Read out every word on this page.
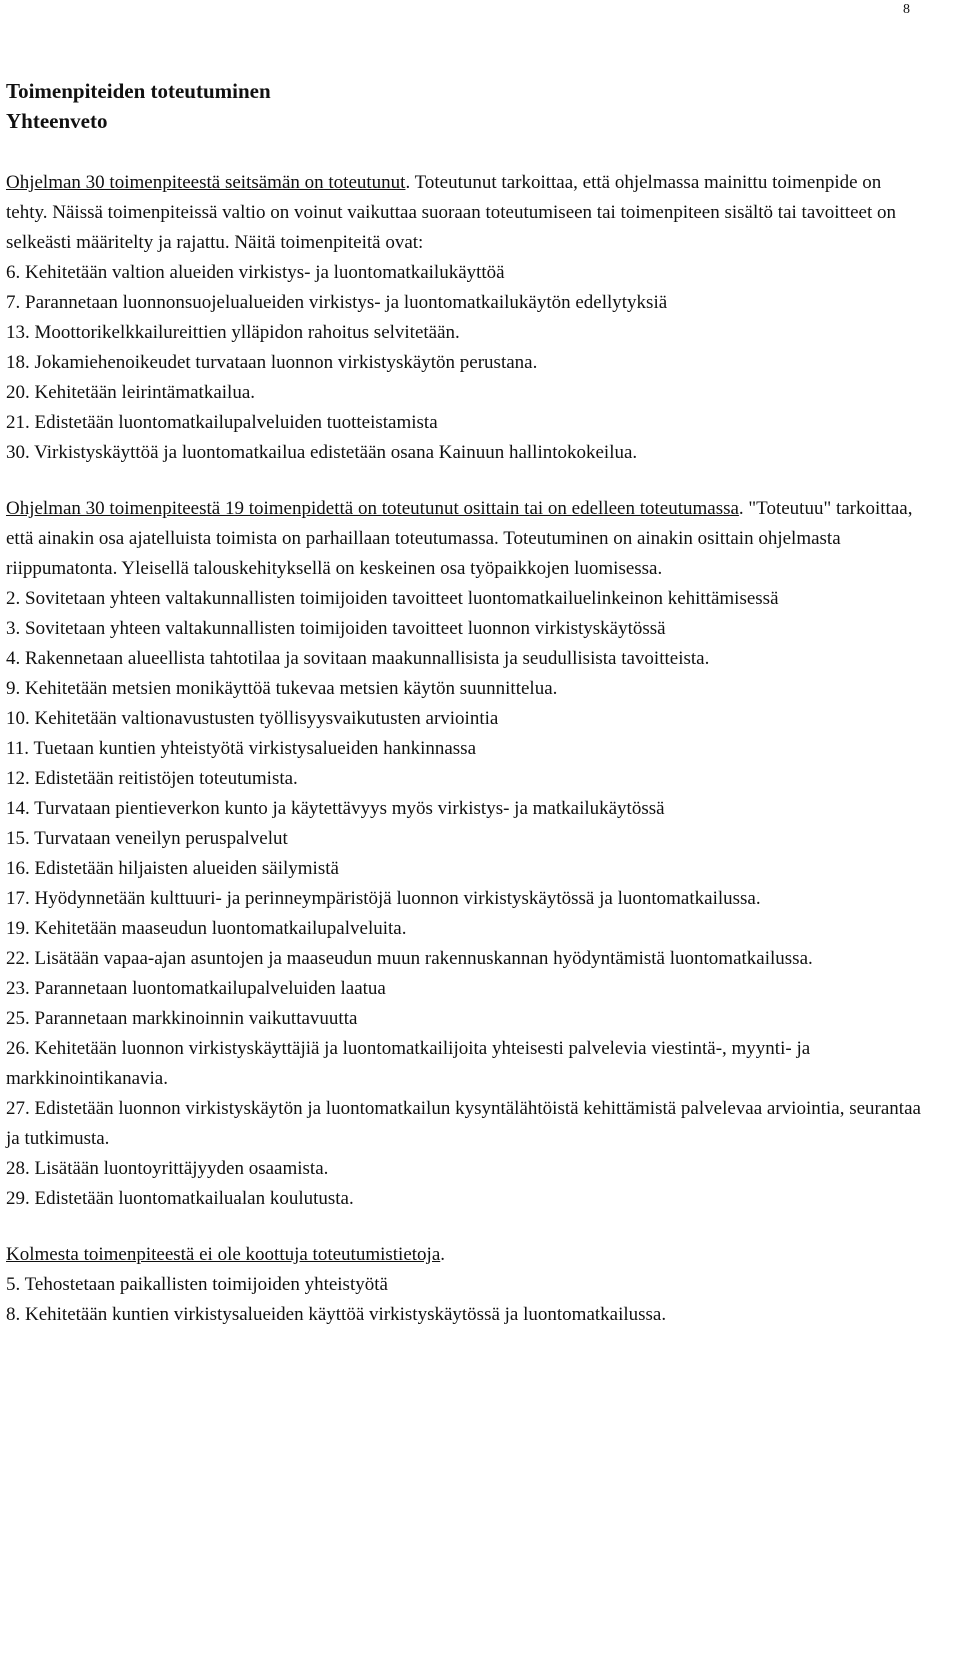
8

Toimenpiteiden toteutuminen

Yhteenveto

Ohjelman 30 toimenpiteestä seitsämän on toteutunut. Toteutunut tarkoittaa, että ohjelmassa mainittu toimenpide on tehty. Näissä toimenpiteissä valtio on voinut vaikuttaa suoraan toteutumiseen tai toimenpiteen sisältö tai tavoitteet on selkeästi määritelty ja rajattu. Näitä toimenpiteitä ovat:

6. Kehitetään valtion alueiden virkistys- ja luontomatkailukäyttöä

7. Parannetaan luonnonsuojelualueiden virkistys- ja luontomatkailukäytön edellytyksiä

13. Moottorikelkkailureittien ylläpidon rahoitus selvitetään.

18. Jokamiehenoikeudet turvataan luonnon virkistyskäytön perustana.

20. Kehitetään leirintämatkailua.

21. Edistetään luontomatkailupalveluiden tuotteistamista

30. Virkistyskäyttöä ja luontomatkailua edistetään osana Kainuun hallintokokeilua.

Ohjelman 30 toimenpiteestä 19 toimenpidettä on toteutunut osittain tai on edelleen toteutumassa. "Toteutuu" tarkoittaa, että ainakin osa ajatelluista toimista on parhaillaan toteutumassa. Toteutuminen on ainakin osittain ohjelmasta riippumatonta. Yleisellä talouskehityksellä on keskeinen osa työpaikkojen luomisessa.

2. Sovitetaan yhteen valtakunnallisten toimijoiden tavoitteet luontomatkailuelinkeinon kehittämisessä

3. Sovitetaan yhteen valtakunnallisten toimijoiden tavoitteet luonnon virkistyskäytössä

4. Rakennetaan alueellista tahtotilaa ja sovitaan maakunnallisista ja seudullisista tavoitteista.

9. Kehitetään metsien monikäyttöä tukevaa metsien käytön suunnittelua.

10. Kehitetään valtionavustusten työllisyysvaikutusten arviointia

11. Tuetaan kuntien yhteistyötä virkistysalueiden hankinnassa

12. Edistetään reitistöjen toteutumista.

14. Turvataan pientieverkon kunto ja käytettävyys myös virkistys- ja matkailukäytössä

15. Turvataan veneilyn peruspalvelut

16. Edistetään hiljaisten alueiden säilymistä

17. Hyödynnetään kulttuuri- ja perinneympäristöjä luonnon virkistyskäytössä ja luontomatkailussa.

19. Kehitetään maaseudun luontomatkailupalveluita.

22. Lisätään vapaa-ajan asuntojen ja maaseudun muun rakennuskannan hyödyntämistä luontomatkailussa.

23. Parannetaan luontomatkailupalveluiden laatua

25. Parannetaan markkinoinnin vaikuttavuutta

26. Kehitetään luonnon virkistyskäyttäjiä ja luontomatkailijoita yhteisesti palvelevia viestintä-, myynti- ja markkinointikanavia.

27. Edistetään luonnon virkistyskäytön ja luontomatkailun kysyntälähtöistä kehittämistä palvelevaa arviointia, seurantaa ja tutkimusta.

28. Lisätään luontoyrittäjyyden osaamista.

29. Edistetään luontomatkailualan koulutusta.

Kolmesta toimenpiteestä ei ole koottuja toteutumistietoja.

5. Tehostetaan paikallisten toimijoiden yhteistyötä

8. Kehitetään kuntien virkistysalueiden käyttöä virkistyskäytössä ja luontomatkailussa.
